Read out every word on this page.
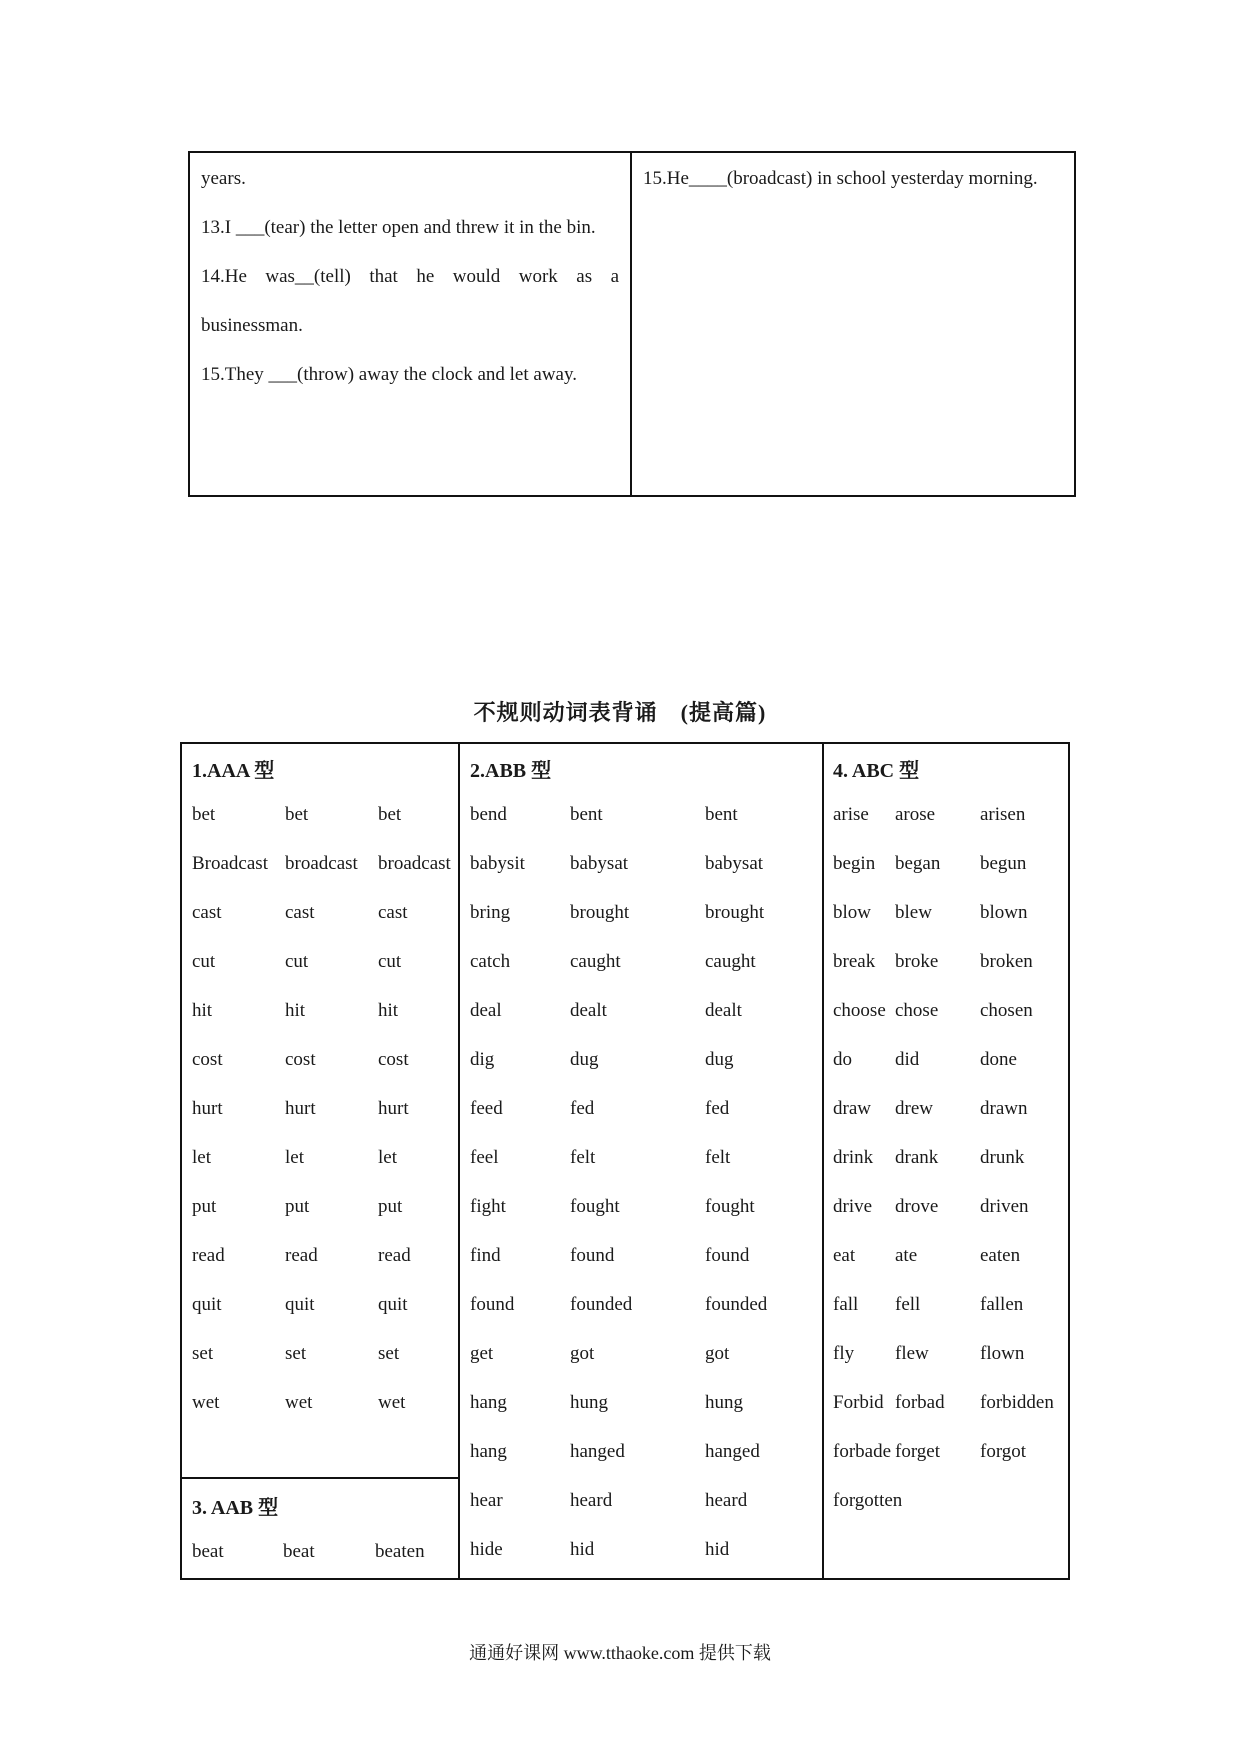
years.
13.I ___(tear) the letter open and threw it in the bin.
14.He was__(tell) that he would work as a businessman.
15.They ___(throw) away the clock and let away.
15.He____(broadcast) in school yesterday morning.
不规则动词表背诵　(提高篇)
1.AAA 型	2.ABB 型	4. ABC 型
3. AAB 型
bet	bet	bet
Broadcast broadcast broadcast
cast	cast	cast
cut	cut	cut
hit	hit	hit
cost	cost	cost
hurt	hurt	hurt
let	let	let
put	put	put
read	read	read
quit	quit	quit
set	set	set
wet	wet	wet
beat	beat	beaten
bend	bent	bent
babysit babysat	babysat
bring	brought	brought
catch	caught	caught
deal	dealt	dealt
dig	dug	dug
feed	fed	fed
feel	felt	felt
fight	fought	fought
find	found	found
found	founded	founded
get	got	got
hang	hung	hung
hang	hanged	hanged
hear	heard	heard
hide	hid	hid
arise arose arisen
begin began begun
blow blew	blown
break broke broken
choose chose chosen
do did	done
draw drew drawn
drink drank drunk
drive drove driven
eat ate	eaten
fall fell	fallen
fly flew	flown
Forbid forbad forbidden
forbade forget forgot
forgotten
通通好课网 www.tthaoke.com 提供下载
